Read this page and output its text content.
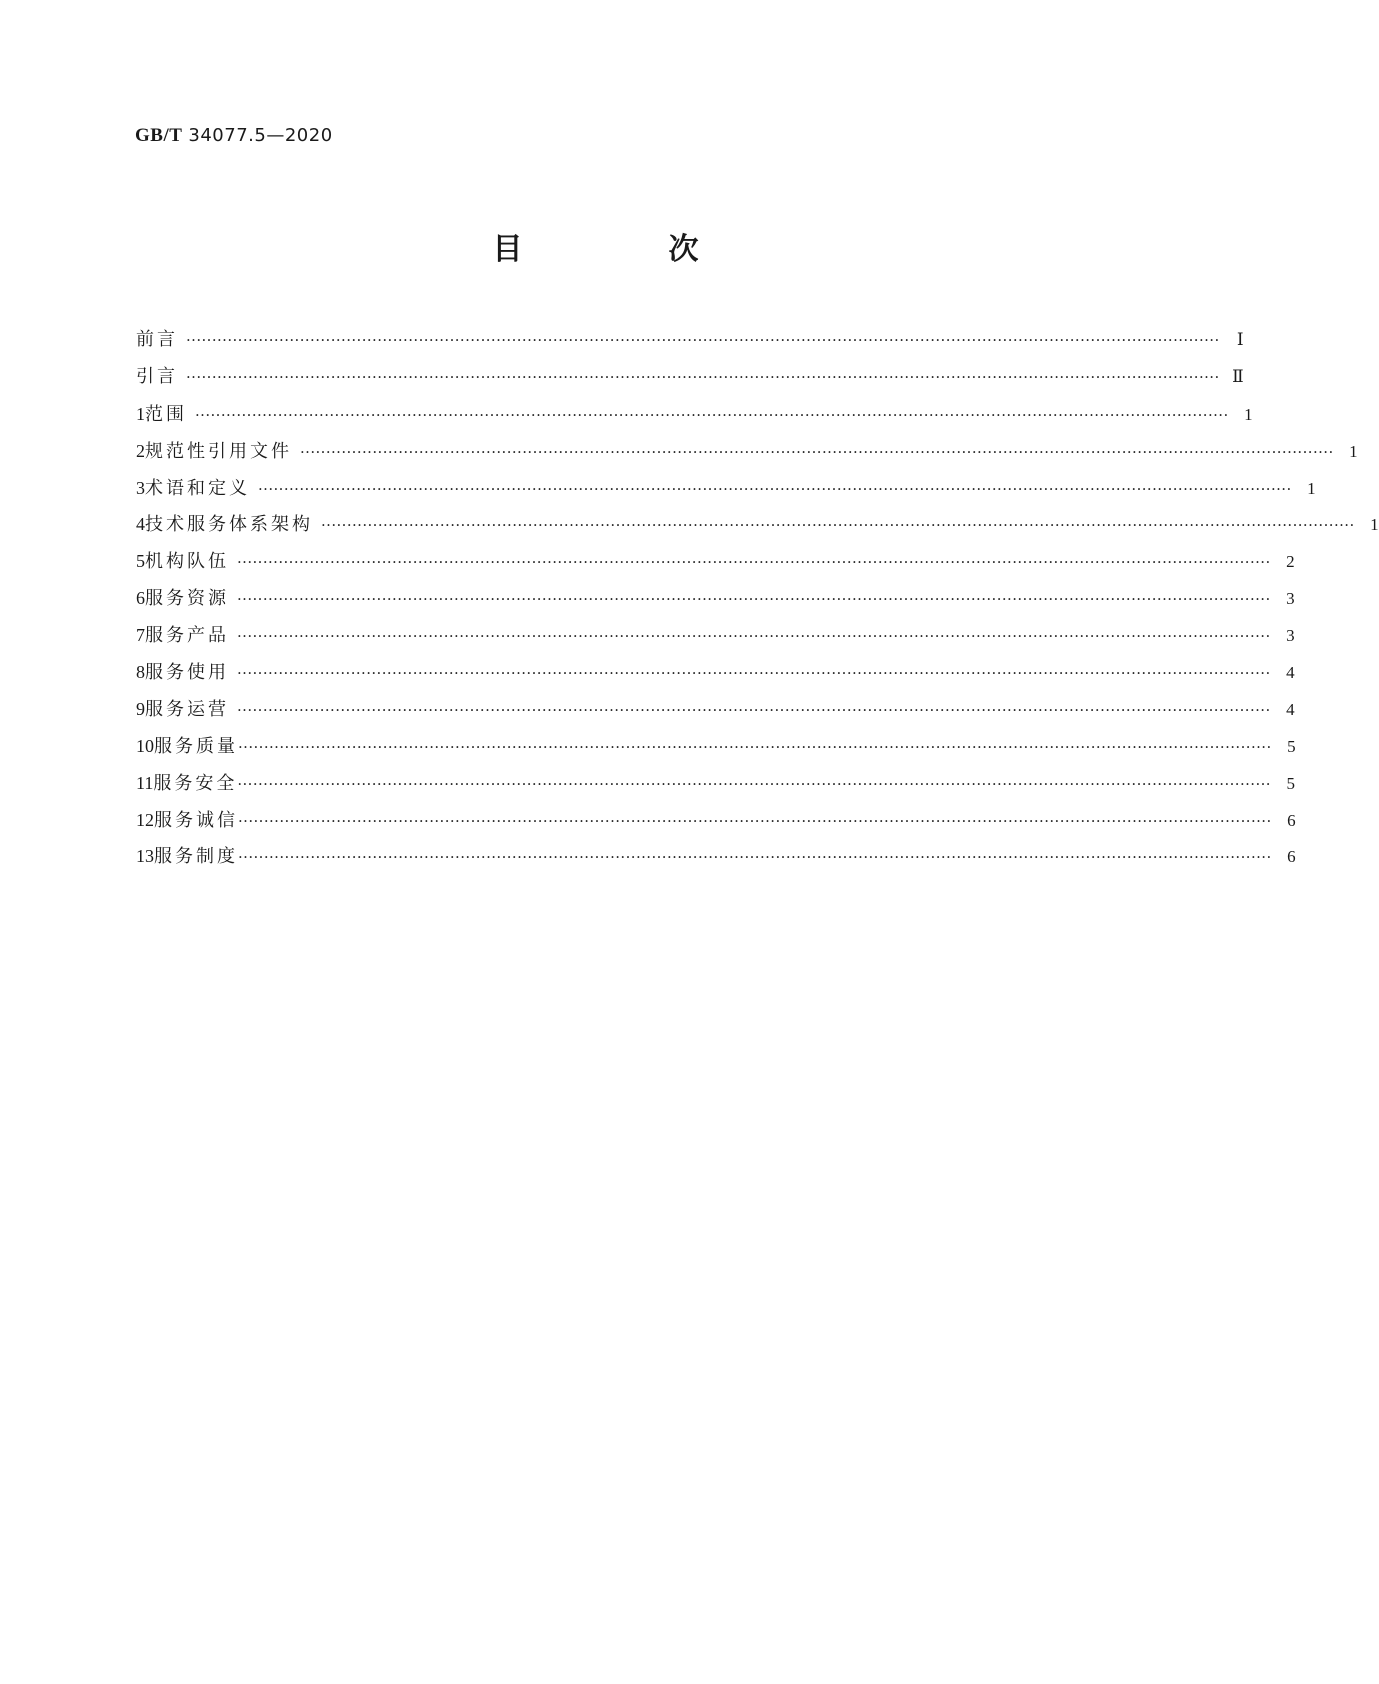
GB/T 34077.5—2020
目　次
前言 ········································································································································································································	Ⅰ
引言 ········································································································································································································ Ⅱ
1 范围 ········································································································································································································ 1
2 规范性引用文件 ········································································································································································································ 1
3 术语和定义 ········································································································································································································ 1
4 技术服务体系架构 ········································································································································································································ 1
5 机构队伍 ········································································································································································································ 2
6 服务资源 ········································································································································································································ 3
7 服务产品 ········································································································································································································ 3
8 服务使用 ········································································································································································································ 4
9 服务运营 ········································································································································································································ 4
10 服务质量 ········································································································································································································ 5
11 服务安全 ········································································································································································································ 5
12 服务诚信 ········································································································································································································ 6
13 服务制度 ········································································································································································································ 6
